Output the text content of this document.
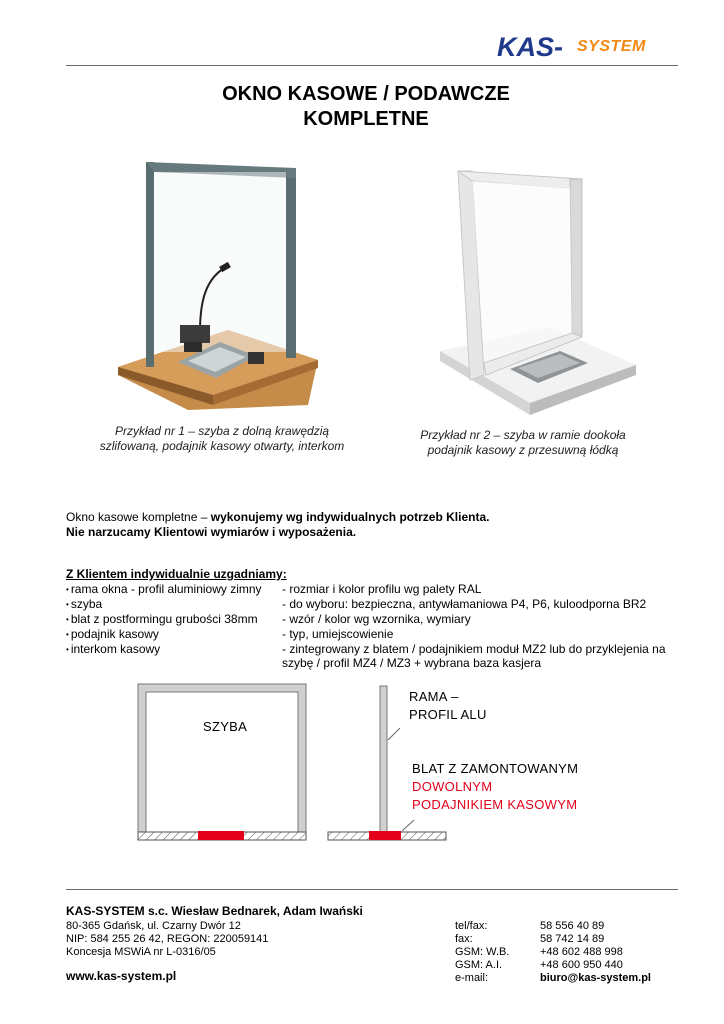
KAS- SYSTEM
OKNO KASOWE / PODAWCZE
KOMPLETNE
Przykład nr 1 – szyba z dolną krawędzią szlifowaną, podajnik kasowy otwarty, interkom
Przykład nr 2 – szyba w ramie dookoła podajnik kasowy z przesuwną łódką
Okno kasowe kompletne – wykonujemy wg indywidualnych potrzeb Klienta.
Nie narzucamy Klientowi wymiarów i wyposażenia.
Z Klientem indywidualnie uzgadniamy:
• rama okna - profil aluminiowy zimny	- rozmiar i kolor profilu wg palety RAL
• szyba	- do wyboru: bezpieczna, antywłamaniowa P4, P6, kuloodporna BR2
• blat z postformingu grubości 38mm	- wzór / kolor wg wzornika, wymiary
• podajnik kasowy	- typ, umiejscowienie
• interkom kasowy	- zintegrowany z blatem / podajnikiem moduł MZ2 lub do przyklejenia na
szybę / profil MZ4 / MZ3 + wybrana baza kasjera
SZYBA
RAMA –
PROFIL ALU
BLAT Z ZAMONTOWANYM
DOWOLNYM
PODAJNIKIEM KASOWYM
KAS-SYSTEM s.c. Wiesław Bednarek, Adam Iwański
80-365 Gdańsk, ul. Czarny Dwór 12
NIP: 584 255 26 42, REGON: 220059141
Koncesja MSWiA nr L-0316/05
www.kas-system.pl
tel/fax:	58 556 40 89
fax:	58 742 14 89
GSM: W.B.	+48 602 488 998
GSM: A.I.	+48 600 950 440
e-mail:	biuro@kas-system.pl
